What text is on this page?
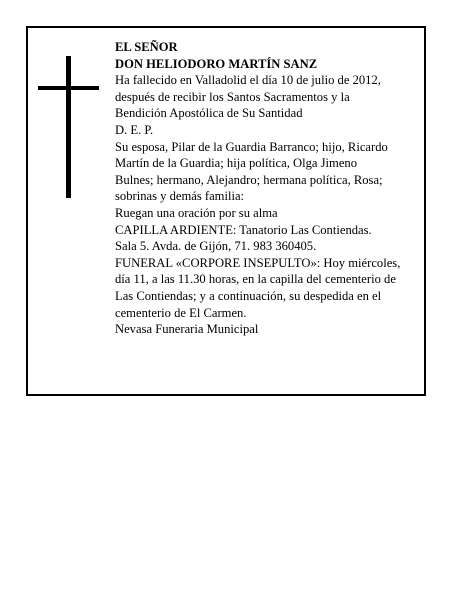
EL SEÑOR
DON HELIODORO MARTÍN SANZ
Ha fallecido en Valladolid el día 10 de julio de 2012,
después de recibir los Santos Sacramentos y la
Bendición Apostólica de Su Santidad
D. E. P.
Su esposa, Pilar de la Guardia Barranco; hijo, Ricardo
Martín de la Guardia; hija política, Olga Jimeno
Bulnes; hermano, Alejandro; hermana política, Rosa;
sobrinas y demás familia:
Ruegan una oración por su alma
CAPILLA ARDIENTE: Tanatorio Las Contiendas.
Sala 5. Avda. de Gijón, 71. 983 360405.
FUNERAL «CORPORE INSEPULTO»: Hoy miércoles,
día 11, a las 11.30 horas, en la capilla del cementerio de
Las Contiendas; y a continuación, su despedida en el
cementerio de El Carmen.
Nevasa Funeraria Municipal
